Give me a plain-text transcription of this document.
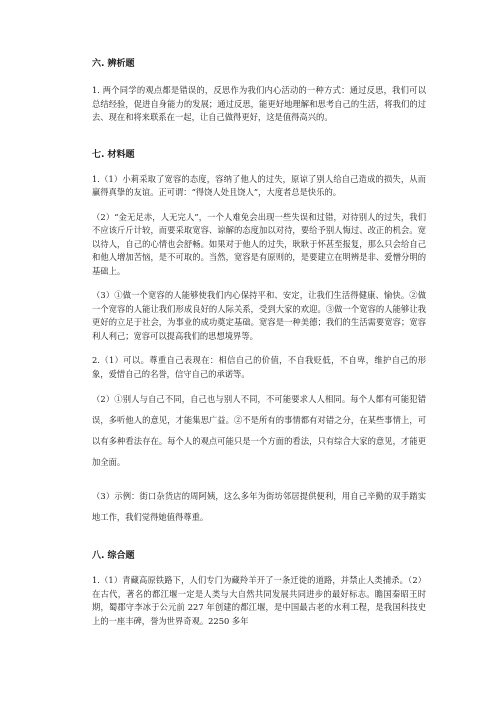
六. 辨析题

1. 两个同学的观点都是错误的，反思作为我们内心活动的一种方式：通过反思，我们可以总结经验，促进自身能力的发展；通过反思，能更好地理解和思考自己的生活，将我们的过去、现在和将来联系在一起，让自己做得更好，这是值得高兴的。

七. 材料题

1.（1）小莉采取了宽容的态度，容纳了他人的过失，原谅了别人给自己造成的损失，从而赢得真挚的友谊。正可谓：“得饶人处且饶人”，大度者总是快乐的。

（2）“金无足赤，人无完人”，一个人难免会出现一些失误和过错，对待别人的过失，我们不应该斤斤计较，而要采取宽容、谅解的态度加以对待，要给予别人悔过、改正的机会。宽以待人，自己的心情也会舒畅。如果对于他人的过失，耿耿于怀甚至报复，那么只会给自己和他人增加苦恼，是不可取的。当然，宽容是有原则的，是要建立在明辨是非、爱憎分明的基础上。

（3）①做一个宽容的人能够使我们内心保持平和、安定，让我们生活得健康、愉快。②做一个宽容的人能让我们形成良好的人际关系，受到大家的欢迎。③做一个宽容的人能够让我更好的立足于社会，为事业的成功奠定基础。宽容是一种美德；我们的生活需要宽容；宽容利人利己；宽容可以提高我们的思想境界等。

2.（1）可以。尊重自己表现在：相信自己的价值，不自我贬低，不自卑，维护自己的形象，爱惜自己的名誉，信守自己的承诺等。

（2）①别人与自己不同，自己也与别人不同，不可能要求人人相同。每个人都有可能犯错误，多听他人的意见，才能集思广益。②不是所有的事情都有对错之分，在某些事情上，可以有多种看法存在。每个人的观点可能只是一个方面的看法，只有综合大家的意见，才能更加全面。

（3）示例：街口杂货店的周阿姨，这么多年为街坊邻居提供便利，用自己辛勤的双手踏实地工作，我们觉得她值得尊重。

八. 综合题

1.（1）青藏高原铁路下，人们专门为藏羚羊开了一条迁徙的道路，并禁止人类捕杀。（2）在古代，著名的都江堰一定是人类与大自然共同发展共同进步的最好标志。瞻国秦昭王时期，蜀郡守李冰于公元前 227 年创建的都江堰，是中国最古老的水利工程，是我国科技史上的一座丰碑，誉为世界奇观。2250 多年
